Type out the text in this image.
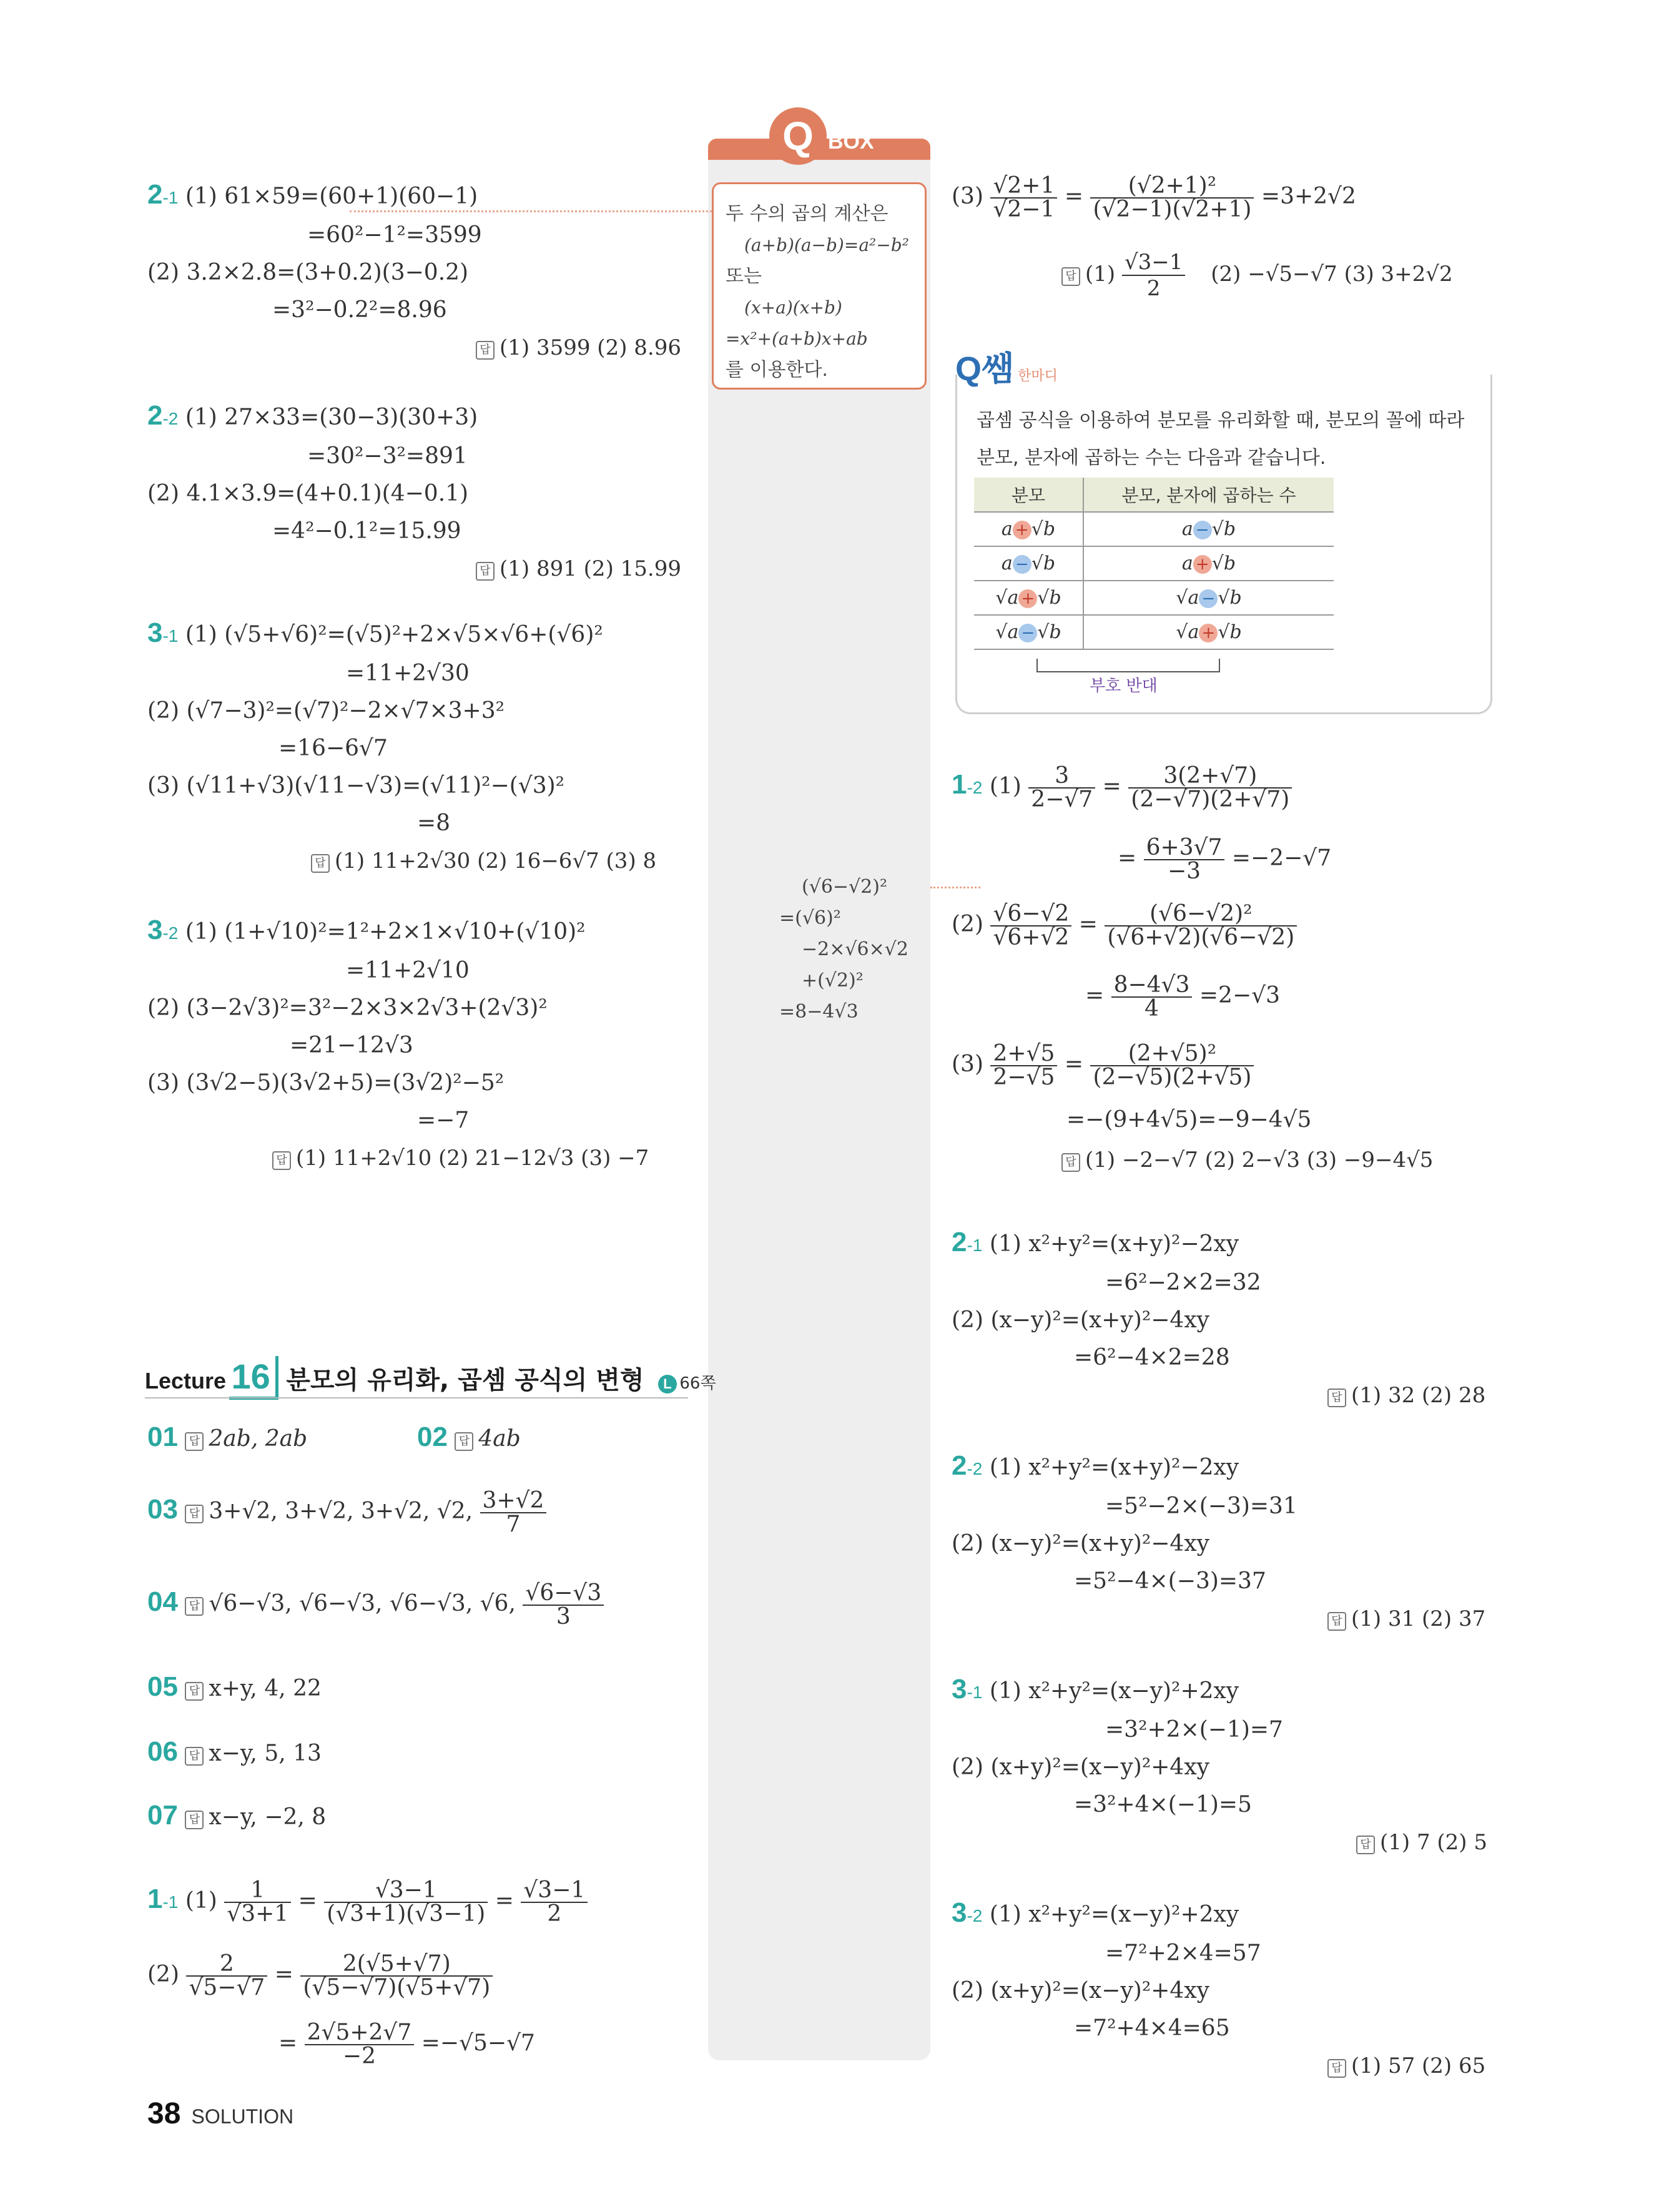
Q BOX
두 수의 곱의 계산은
(a+b)(a−b)=a²−b²
또는
(x+a)(x+b)
=x²+(a+b)x+ab
를 이용한다.
(√6−√2)²
=(√6)²
−2×√6×√2
+(√2)²
=8−4√3
2-1 (1) 61×59=(60+1)(60−1)
=60²−1²=3599
(2) 3.2×2.8=(3+0.2)(3−0.2)
=3²−0.2²=8.96
답 (1) 3599 (2) 8.96
2-2 (1) 27×33=(30−3)(30+3)
=30²−3²=891
(2) 4.1×3.9=(4+0.1)(4−0.1)
=4²−0.1²=15.99
답 (1) 891 (2) 15.99
3-1 (1) (√5+√6)²=(√5)²+2×√5×√6+(√6)²
=11+2√30
(2) (√7−3)²=(√7)²−2×√7×3+3²
=16−6√7
(3) (√11+√3)(√11−√3)=(√11)²−(√3)²
=8
답 (1) 11+2√30 (2) 16−6√7 (3) 8
3-2 (1) (1+√10)²=1²+2×1×√10+(√10)²
=11+2√10
(2) (3−2√3)²=3²−2×3×2√3+(2√3)²
=21−12√3
(3) (3√2−5)(3√2+5)=(3√2)²−5²
=−7
답 (1) 11+2√10 (2) 21−12√3 (3) −7
Lecture 16 분모의 유리화, 곱셈 공식의 변형 L 66쪽
01 답 2ab, 2ab	02 답 4ab
03 답 3+√2, 3+√2, 3+√2, √2, $\frac{3+√2}{7}$
04 답 √6−√3, √6−√3, √6−√3, √6, $\frac{√6-√3}{3}$
05 답 x+y, 4, 22
06 답 x−y, 5, 13
07 답 x−y, −2, 8
1-1 $(1) \frac{1}{√3+1} = \frac{√3-1}{(√3+1)(√3-1)} = \frac{√3-1}{2}$
$(2) \frac{2}{√5-√7} = \frac{2(√5+√7)}{(√5-√7)(√5+√7)}$
= $\frac{2√5+2√7}{-2} =-√5-√7$
38 SOLUTION
$(3) \frac{√2+1}{√2-1} = \frac{\text{(√2+1)²}}{(√2-1)(√2+1)} =3+2√2$
답 $(1) \frac{√3-1}{2} (2) -√5-√7$ (3) 3+2√2
Q쌤 한마디
곱셈 공식을 이용하여 분모를 유리화할 때, 분모의 꼴에 따라
분모, 분자에 곱하는 수는 다음과 같습니다.
분모	분모, 분자에 곱하는 수
a + √b	a − √b
a − √b	a + √b
√a + √b	√a − √b
√a − √b	√a + √b
부호 반대
1-2 $(1) \frac{3}{2-√7} = \frac{3(2+√7)}{(2-√7)(2+√7)}$
= $\frac{6+3√7}{-3} =-2-√7$
$(2) \frac{√6-√2}{√6+√2} = \frac{\text{(√6−√2)²}}{(√6+√2)(√6-√2)}$
= $\frac{8-4√3}{4} =2-√3$
$(3) \frac{2+√5}{2-√5} = \frac{\text{(2+√5)²}}{(2-√5)(2+√5)}$
=−(9+4√5)=−9−4√5
답 (1) −2−√7 (2) 2−√3 (3) −9−4√5
2-1 (1) x²+y²=(x+y)²−2xy
=6²−2×2=32
(2) (x−y)²=(x+y)²−4xy
=6²−4×2=28
답 (1) 32 (2) 28
2-2 (1) x²+y²=(x+y)²−2xy
=5²−2×(−3)=31
(2) (x−y)²=(x+y)²−4xy
=5²−4×(−3)=37
답 (1) 31 (2) 37
3-1 (1) x²+y²=(x−y)²+2xy
=3²+2×(−1)=7
(2) (x+y)²=(x−y)²+4xy
=3²+4×(−1)=5
답 (1) 7 (2) 5
3-2 (1) x²+y²=(x−y)²+2xy
=7²+2×4=57
(2) (x+y)²=(x−y)²+4xy
=7²+4×4=65
답 (1) 57 (2) 65
